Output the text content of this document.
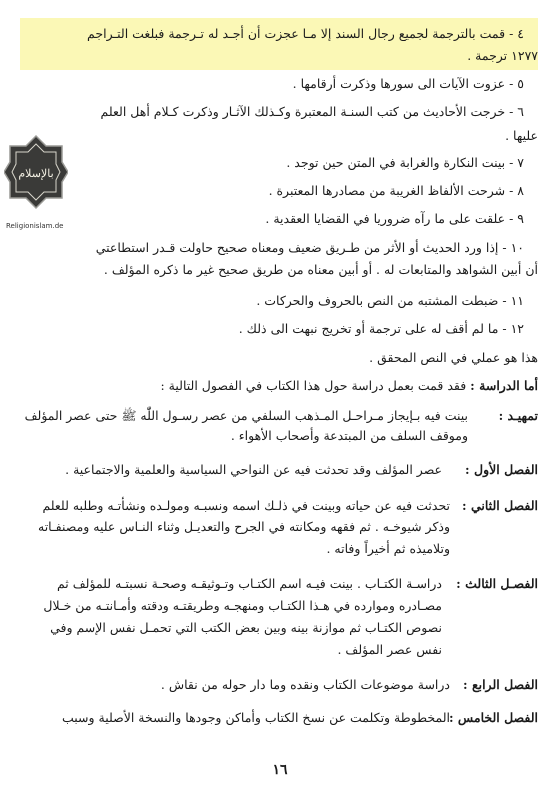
٤ - قمت بالترجمة لجميع رجال السند إلا مـا عجزت أن أجـد له تـرجمة فبلغت التـراجم
١٢٧٧ ترجمة .
٥ - عزوت الآيات الى سورها وذكرت أرقامها .
٦ - خرجت الأحاديث من كتب السنـة المعتبرة وكـذلك الآثـار وذكرت كـلام أهل العلم
عليها .
٧ - بينت النكارة والغرابة في المتن حين توجد .
٨ - شرحت الألفاظ الغريبة من مصادرها المعتبرة .
٩ - علقت على ما رآه ضروريا في القضايا العقدية .
١٠ - إذا ورد الحديث أو الأثر من طـريق ضعيف ومعناه صحيح حاولت قـدر استطاعتي
أن أبين الشواهد والمتابعات له . أو أبين معناه من طريق صحيح غير ما ذكره المؤلف .
١١ - ضبطت المشتبه من النص بالحروف والحركات .
١٢ - ما لم أقف له على ترجمة أو تخريج نبهت الى ذلك .
هذا هو عملي في النص المحقق .
أما الدراسة : فقد قمت بعمل دراسة حول هذا الكتاب في الفصول التالية :
تمهيـد :
بينت فيه بـإيجاز مـراحـل المـذهب السلفي من عصر رسـول اللّٰه ﷺ حتى عصر المؤلف
وموقف السلف من المبتدعة وأصحاب الأهواء .
الفصل الأول :
عصر المؤلف وقد تحدثت فيه عن النواحي السياسية والعلمية والاجتماعية .
الفصل الثاني :
تحدثت فيه عن حياته وبينت في ذلـك اسمه ونسبـه ومولـده ونشأتـه وطلبه للعلم
وذكر شيوخـه . ثم فقهه ومكانته في الجرح والتعديـل وثناء النـاس عليه ومصنفـاته
وتلاميذه ثم أخيراً وفاته .
الفصـل الثالث :
دراسـة الكتـاب . بينت فيـه اسم الكتـاب وتـوثيقـه وصحـة نسبتـه للمؤلف ثم
مصـادره وموارده في هـذا الكتـاب ومنهجـه وطريقتـه ودقته وأمـانتـه من خـلال
نصوص الكتـاب ثم موازنة بينه وبين بعض الكتب التي تحمـل نفس الإسم وفي
نفس عصر المؤلف .
الفصل الرابع :
دراسة موضوعات الكتاب ونقده وما دار حوله من نقاش .
الفصل الخامس :
المخطوطة وتكلمت عن نسخ الكتاب وأماكن وجودها والنسخة الأصلية وسبب
١٦
بالإسلام
Religionislam.de
